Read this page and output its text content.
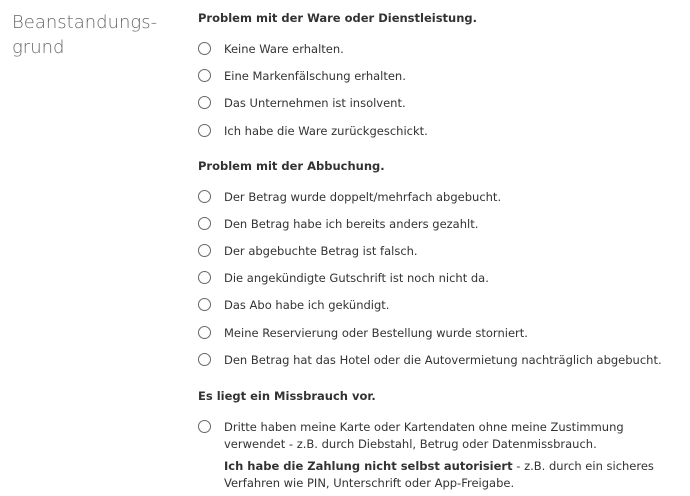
Beanstandungs-
grund
Problem mit der Ware oder Dienstleistung.
Keine Ware erhalten.
Eine Markenfälschung erhalten.
Das Unternehmen ist insolvent.
Ich habe die Ware zurückgeschickt.
Problem mit der Abbuchung.
Der Betrag wurde doppelt/mehrfach abgebucht.
Den Betrag habe ich bereits anders gezahlt.
Der abgebuchte Betrag ist falsch.
Die angekündigte Gutschrift ist noch nicht da.
Das Abo habe ich gekündigt.
Meine Reservierung oder Bestellung wurde storniert.
Den Betrag hat das Hotel oder die Autovermietung nachträglich abgebucht.
Es liegt ein Missbrauch vor.
Dritte haben meine Karte oder Kartendaten ohne meine Zustimmung verwendet - z.B. durch Diebstahl, Betrug oder Datenmissbrauch.
Ich habe die Zahlung nicht selbst autorisiert - z.B. durch ein sicheres Verfahren wie PIN, Unterschrift oder App-Freigabe.
